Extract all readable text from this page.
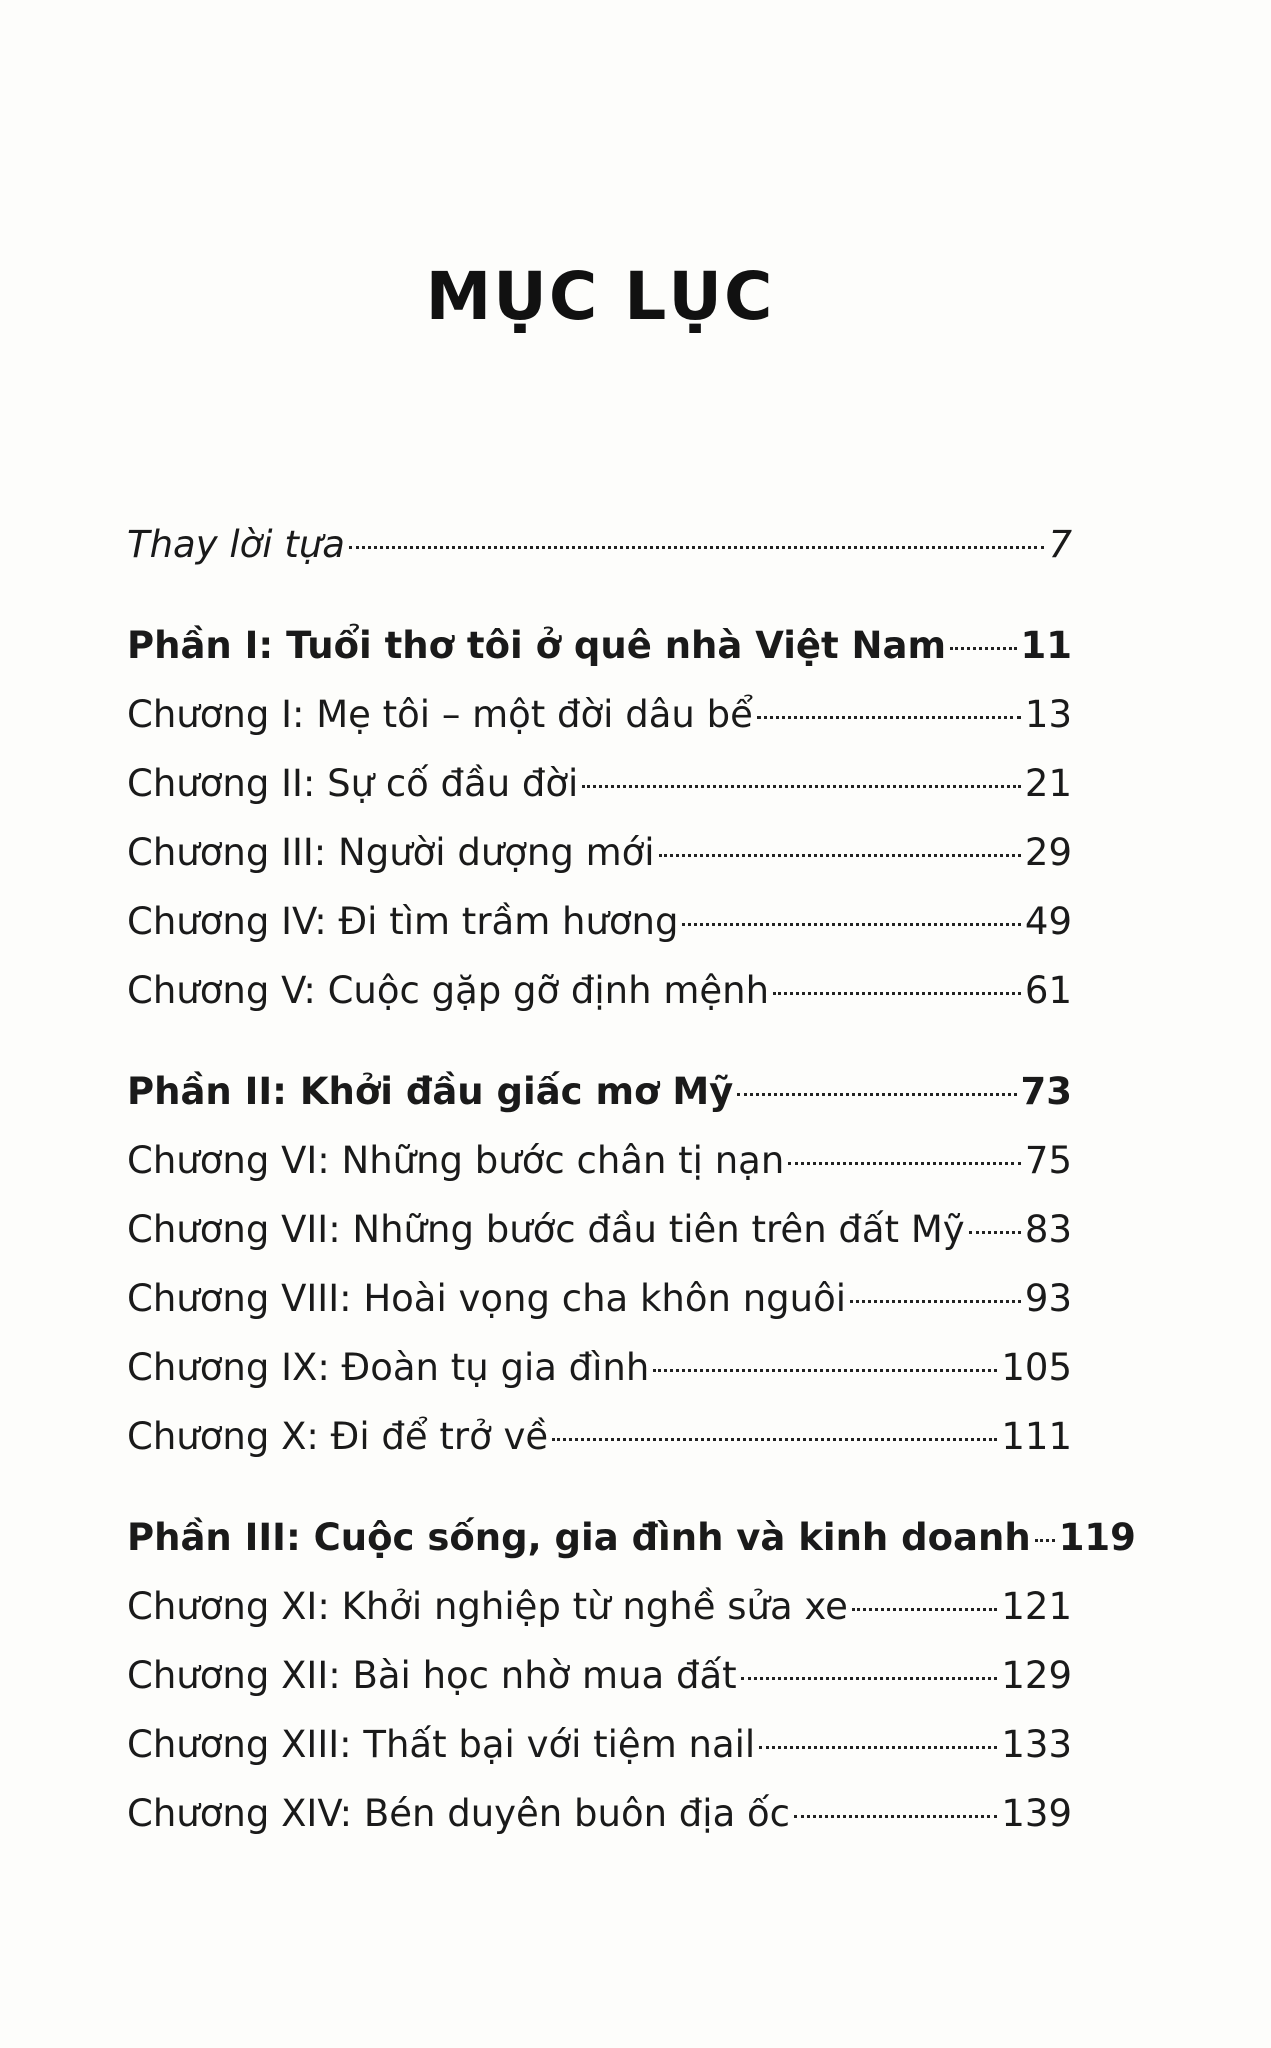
MỤC LỤC
Thay lời tựa	7
Phần I: Tuổi thơ tôi ở quê nhà Việt Nam 11
Chương I: Mẹ tôi – một đời dâu bể	13
Chương II: Sự cố đầu đời	21
Chương III: Người dượng mới	29
Chương IV: Đi tìm trầm hương	49
Chương V: Cuộc gặp gỡ định mệnh	61
Phần II: Khởi đầu giấc mơ Mỹ	73
Chương VI: Những bước chân tị nạn	75
Chương VII: Những bước đầu tiên trên đất Mỹ 83
Chương VIII: Hoài vọng cha khôn nguôi	93
Chương IX: Đoàn tụ gia đình	105
Chương X: Đi để trở về	111
Phần III: Cuộc sống, gia đình và kinh doanh 119
Chương XI: Khởi nghiệp từ nghề sửa xe	121
Chương XII: Bài học nhờ mua đất	129
Chương XIII: Thất bại với tiệm nail	133
Chương XIV: Bén duyên buôn địa ốc	139
